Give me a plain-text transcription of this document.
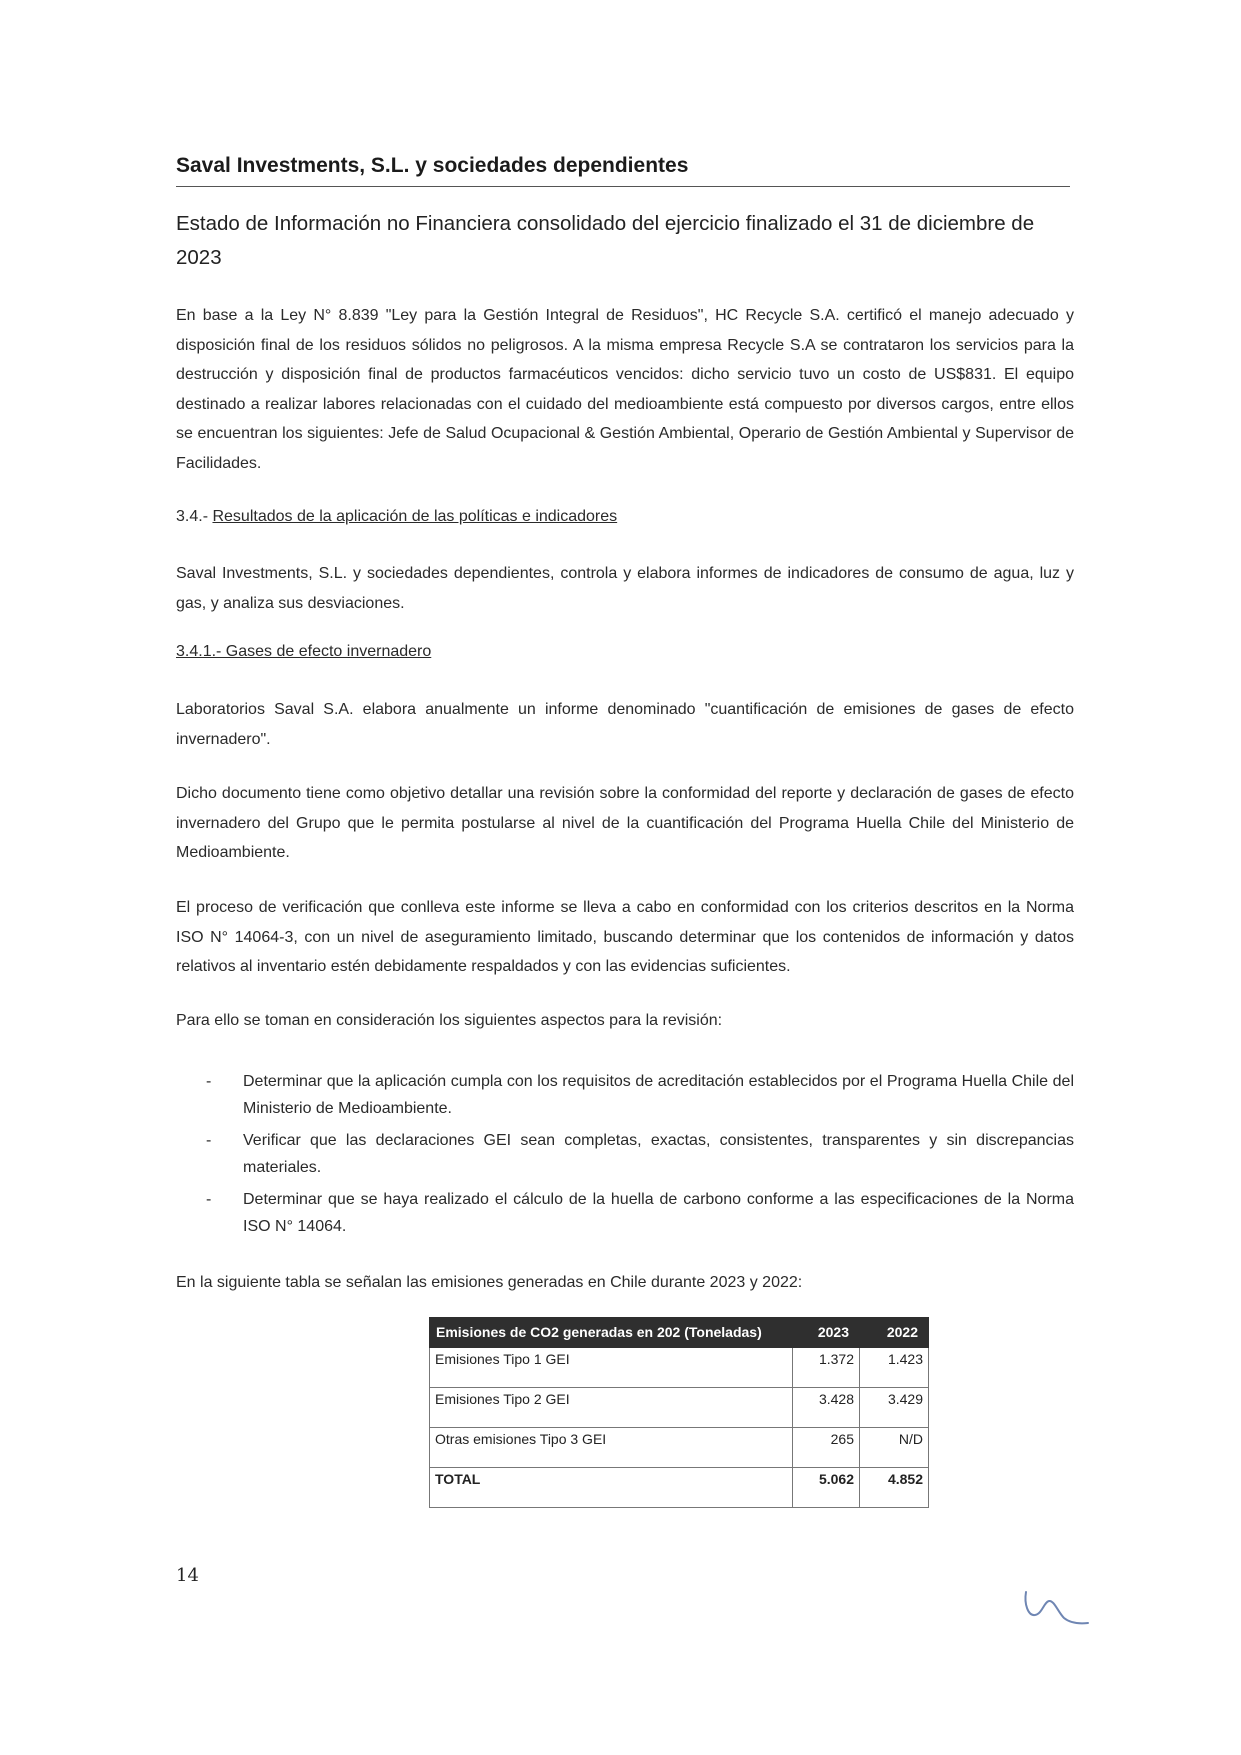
Saval Investments, S.L. y sociedades dependientes
Estado de Información no Financiera consolidado del ejercicio finalizado el 31 de diciembre de 2023
En base a la Ley N° 8.839 "Ley para la Gestión Integral de Residuos", HC Recycle S.A. certificó el manejo adecuado y disposición final de los residuos sólidos no peligrosos. A la misma empresa Recycle S.A se contrataron los servicios para la destrucción y disposición final de productos farmacéuticos vencidos: dicho servicio tuvo un costo de US$831. El equipo destinado a realizar labores relacionadas con el cuidado del medioambiente está compuesto por diversos cargos, entre ellos se encuentran los siguientes: Jefe de Salud Ocupacional & Gestión Ambiental, Operario de Gestión Ambiental y Supervisor de Facilidades.
3.4.- Resultados de la aplicación de las políticas e indicadores
Saval Investments, S.L. y sociedades dependientes, controla y elabora informes de indicadores de consumo de agua, luz y gas, y analiza sus desviaciones.
3.4.1.- Gases de efecto invernadero
Laboratorios Saval S.A. elabora anualmente un informe denominado "cuantificación de emisiones de gases de efecto invernadero".
Dicho documento tiene como objetivo detallar una revisión sobre la conformidad del reporte y declaración de gases de efecto invernadero del Grupo que le permita postularse al nivel de la cuantificación del Programa Huella Chile del Ministerio de Medioambiente.
El proceso de verificación que conlleva este informe se lleva a cabo en conformidad con los criterios descritos en la Norma ISO N° 14064-3, con un nivel de aseguramiento limitado, buscando determinar que los contenidos de información y datos relativos al inventario estén debidamente respaldados y con las evidencias suficientes.
Para ello se toman en consideración los siguientes aspectos para la revisión:
- Determinar que la aplicación cumpla con los requisitos de acreditación establecidos por el Programa Huella Chile del Ministerio de Medioambiente.
- Verificar que las declaraciones GEI sean completas, exactas, consistentes, transparentes y sin discrepancias materiales.
- Determinar que se haya realizado el cálculo de la huella de carbono conforme a las especificaciones de la Norma ISO N° 14064.
En la siguiente tabla se señalan las emisiones generadas en Chile durante 2023 y 2022:
Emisiones de CO2 generadas en 202 (Toneladas)	2023	2022
Emisiones Tipo 1 GEI	1.372	1.423
Emisiones Tipo 2 GEI	3.428	3.429
Otras emisiones Tipo 3 GEI	265	N/D
TOTAL	5.062	4.852
14
